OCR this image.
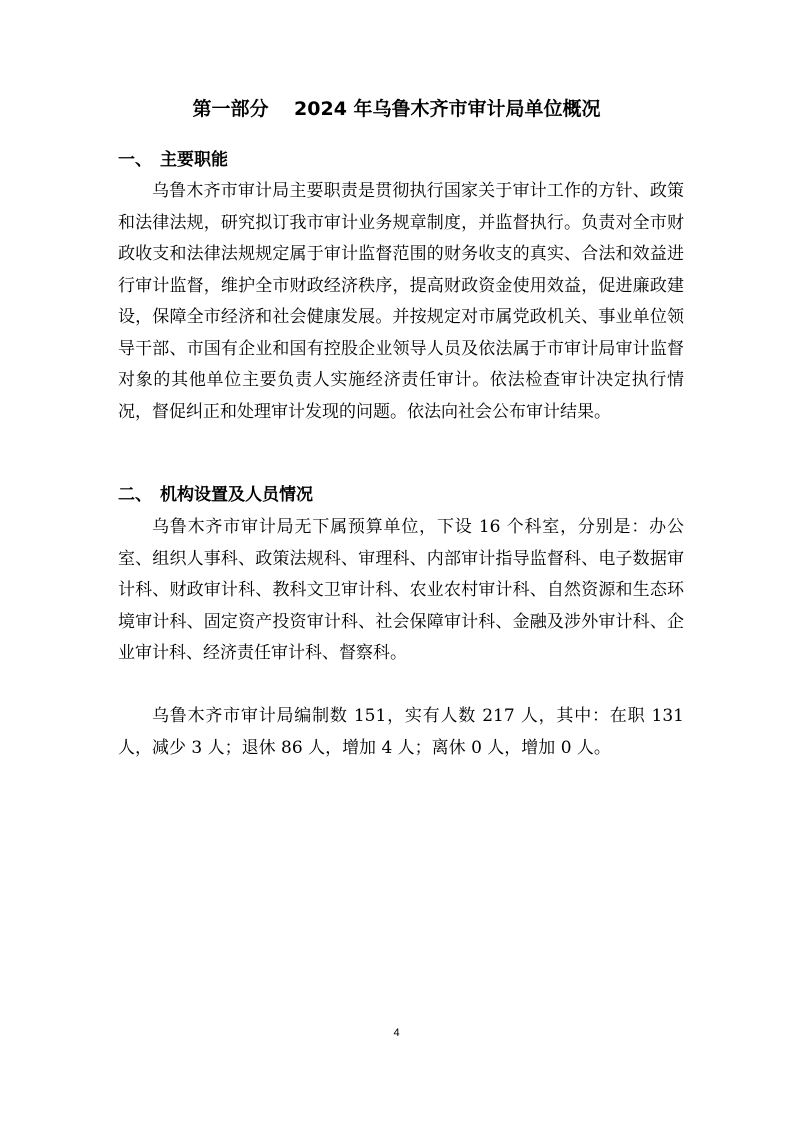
第一部分　 2024 年乌鲁木齐市审计局单位概况
一、 主要职能

乌鲁木齐市审计局主要职责是贯彻执行国家关于审计工作的方针、政策和法律法规，研究拟订我市审计业务规章制度，并监督执行。负责对全市财政收支和法律法规规定属于审计监督范围的财务收支的真实、合法和效益进行审计监督，维护全市财政经济秩序，提高财政资金使用效益，促进廉政建设，保障全市经济和社会健康发展。并按规定对市属党政机关、事业单位领导干部、市国有企业和国有控股企业领导人员及依法属于市审计局审计监督对象的其他单位主要负责人实施经济责任审计。依法检查审计决定执行情况，督促纠正和处理审计发现的问题。依法向社会公布审计结果。

二、 机构设置及人员情况

乌鲁木齐市审计局无下属预算单位，下设 16 个科室，分别是：办公室、组织人事科、政策法规科、审理科、内部审计指导监督科、电子数据审计科、财政审计科、教科文卫审计科、农业农村审计科、自然资源和生态环境审计科、固定资产投资审计科、社会保障审计科、金融及涉外审计科、企业审计科、经济责任审计科、督察科。

乌鲁木齐市审计局编制数 151，实有人数 217 人，其中：在职 131 人，减少 3 人；退休 86 人，增加 4 人；离休 0 人，增加 0 人。

4
